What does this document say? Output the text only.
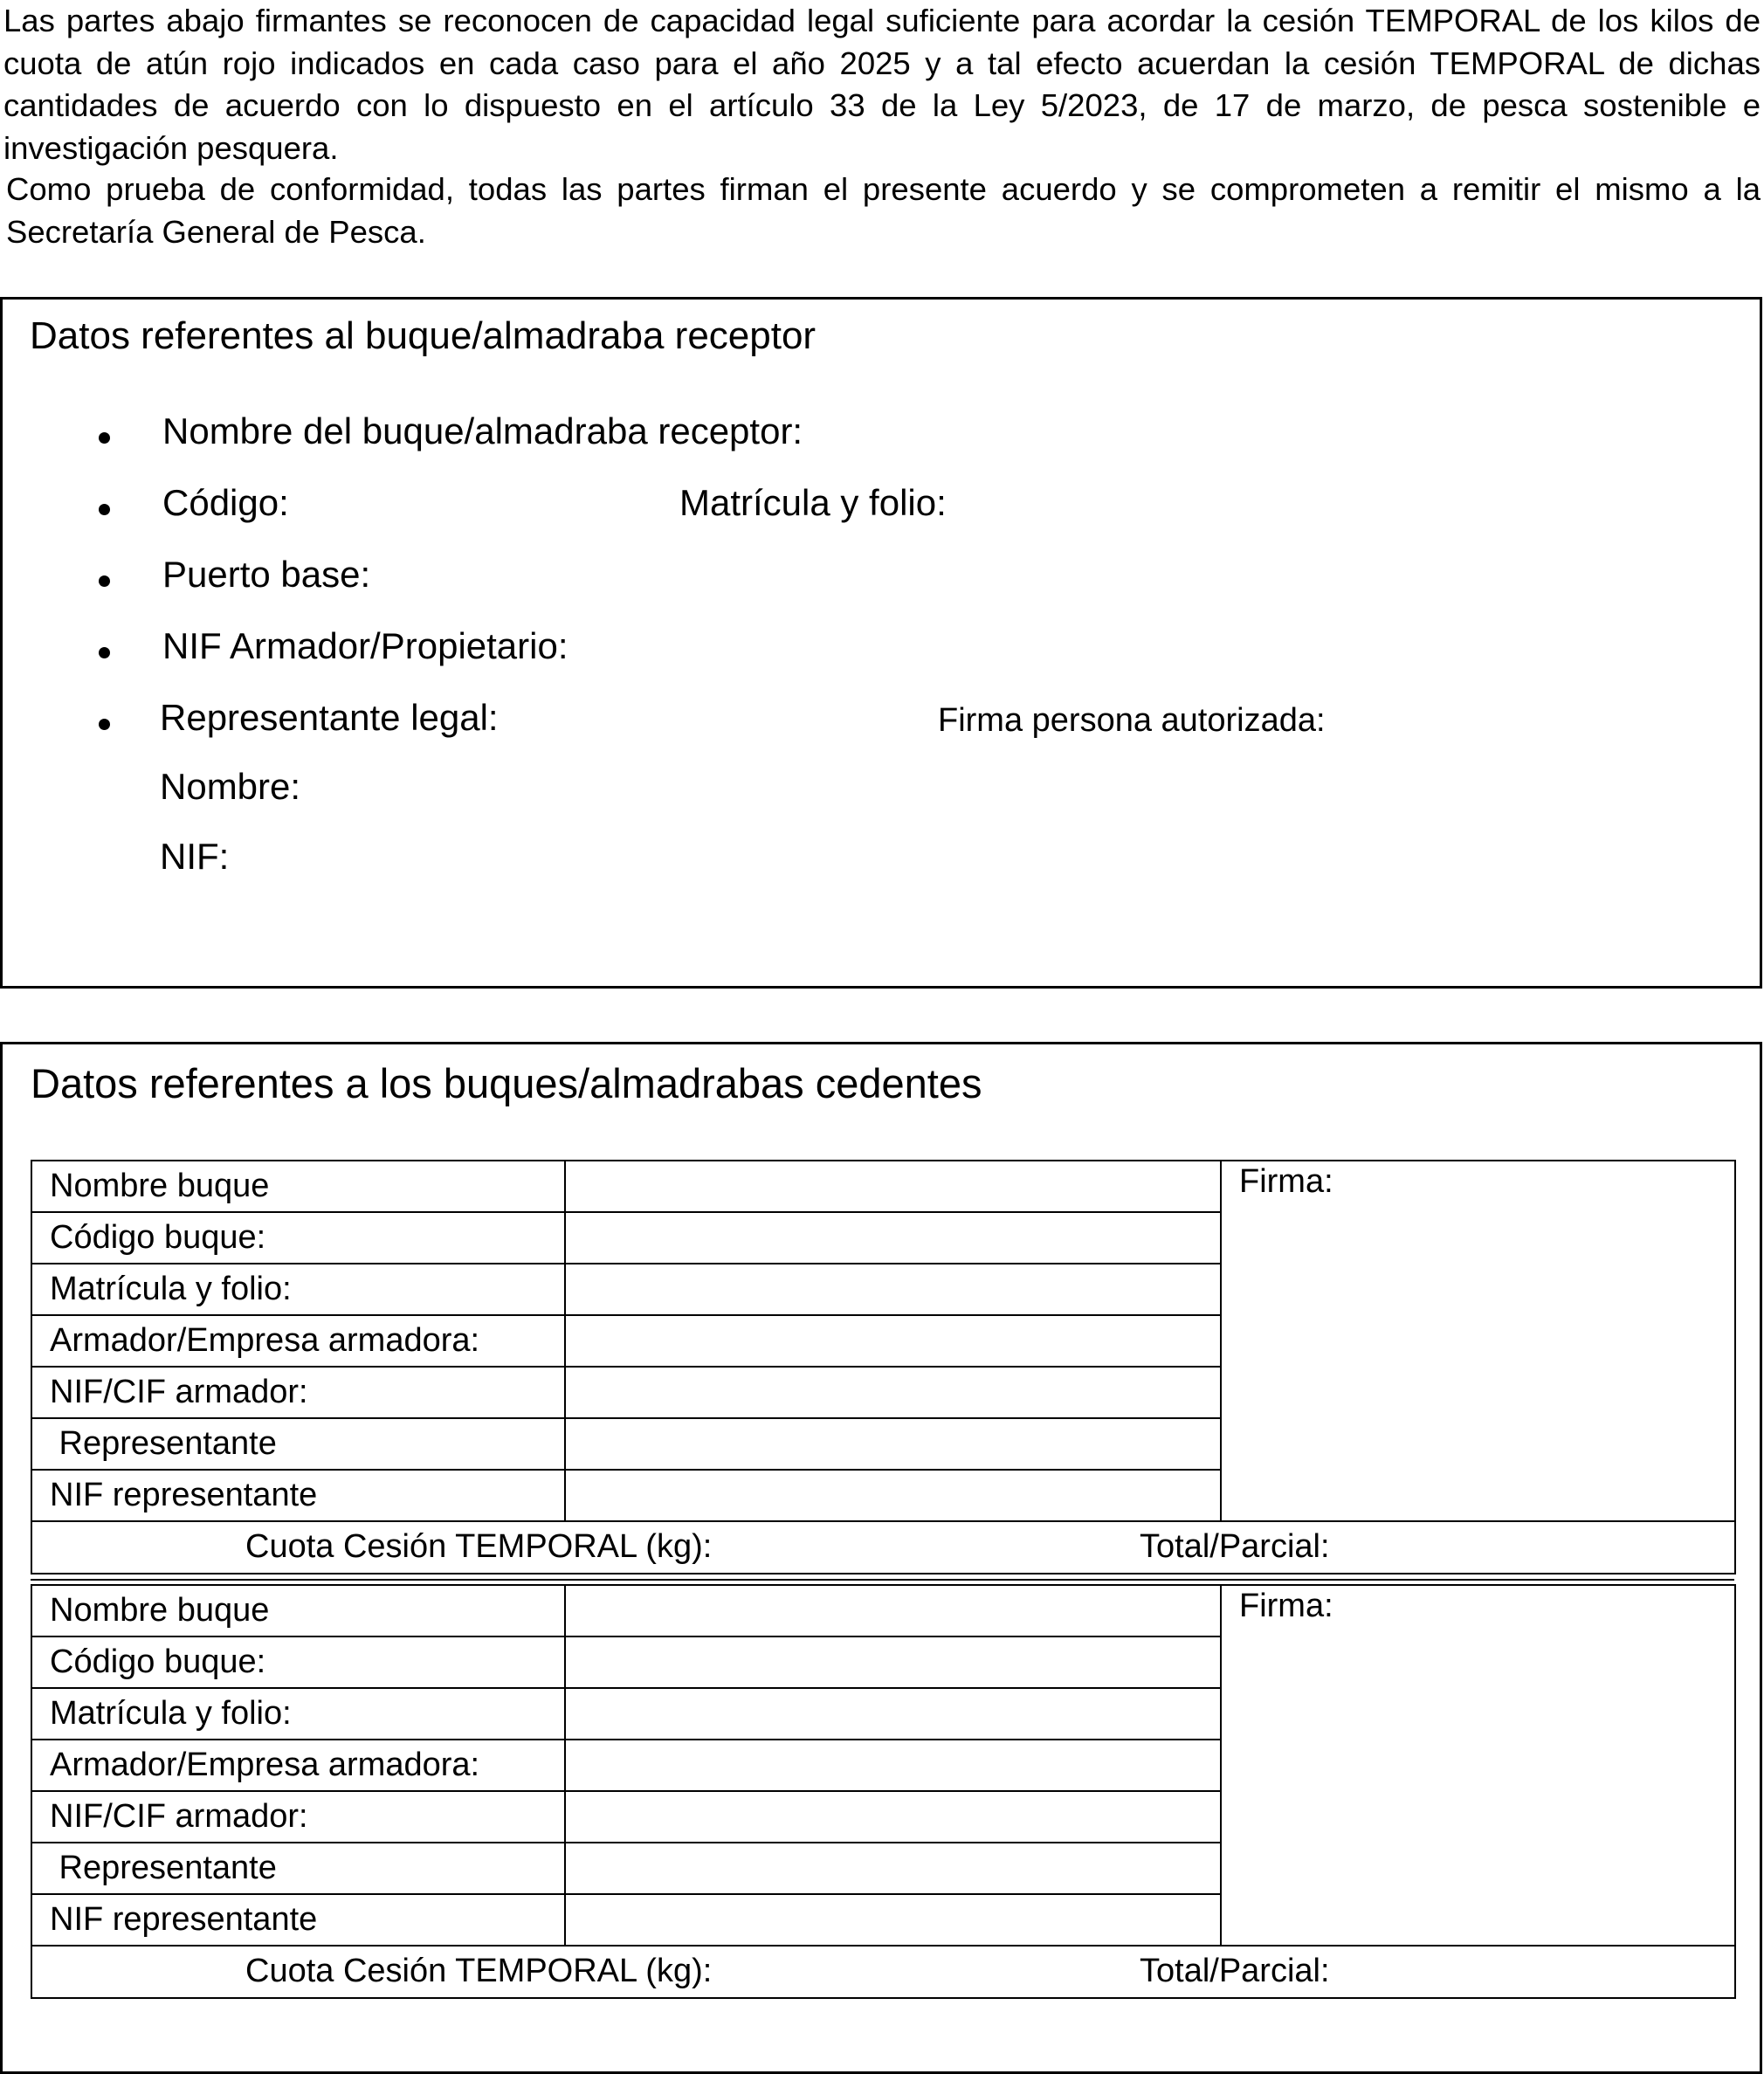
Las partes abajo firmantes se reconocen de capacidad legal suficiente para acordar la cesión TEMPORAL de los kilos de cuota de atún rojo indicados en cada caso para el año 2025 y a tal efecto acuerdan la cesión TEMPORAL de dichas cantidades de acuerdo con lo dispuesto en el artículo 33 de la Ley 5/2023, de 17 de marzo, de pesca sostenible e investigación pesquera.
Como prueba de conformidad, todas las partes firman el presente acuerdo y se comprometen a remitir el mismo a la Secretaría General de Pesca.
Datos referentes al buque/almadraba receptor
Nombre del buque/almadraba receptor:
Código:	Matrícula y folio:
Puerto base:
NIF Armador/Propietario:
Representante legal:	Firma persona autorizada:
Nombre:
NIF:
Datos referentes a los buques/almadrabas cedentes
Nombre buque		Firma:
Código buque:		
Matrícula y folio:		
Armador/Empresa armadora:		
NIF/CIF armador:		
Representante		
NIF representante		

Cuota Cesión TEMPORAL (kg): Total/Parcial:		
Nombre buque		Firma:
Código buque:		
Matrícula y folio:		
Armador/Empresa armadora:		
NIF/CIF armador:		
Representante		
NIF representante		

Cuota Cesión TEMPORAL (kg): Total/Parcial:		
